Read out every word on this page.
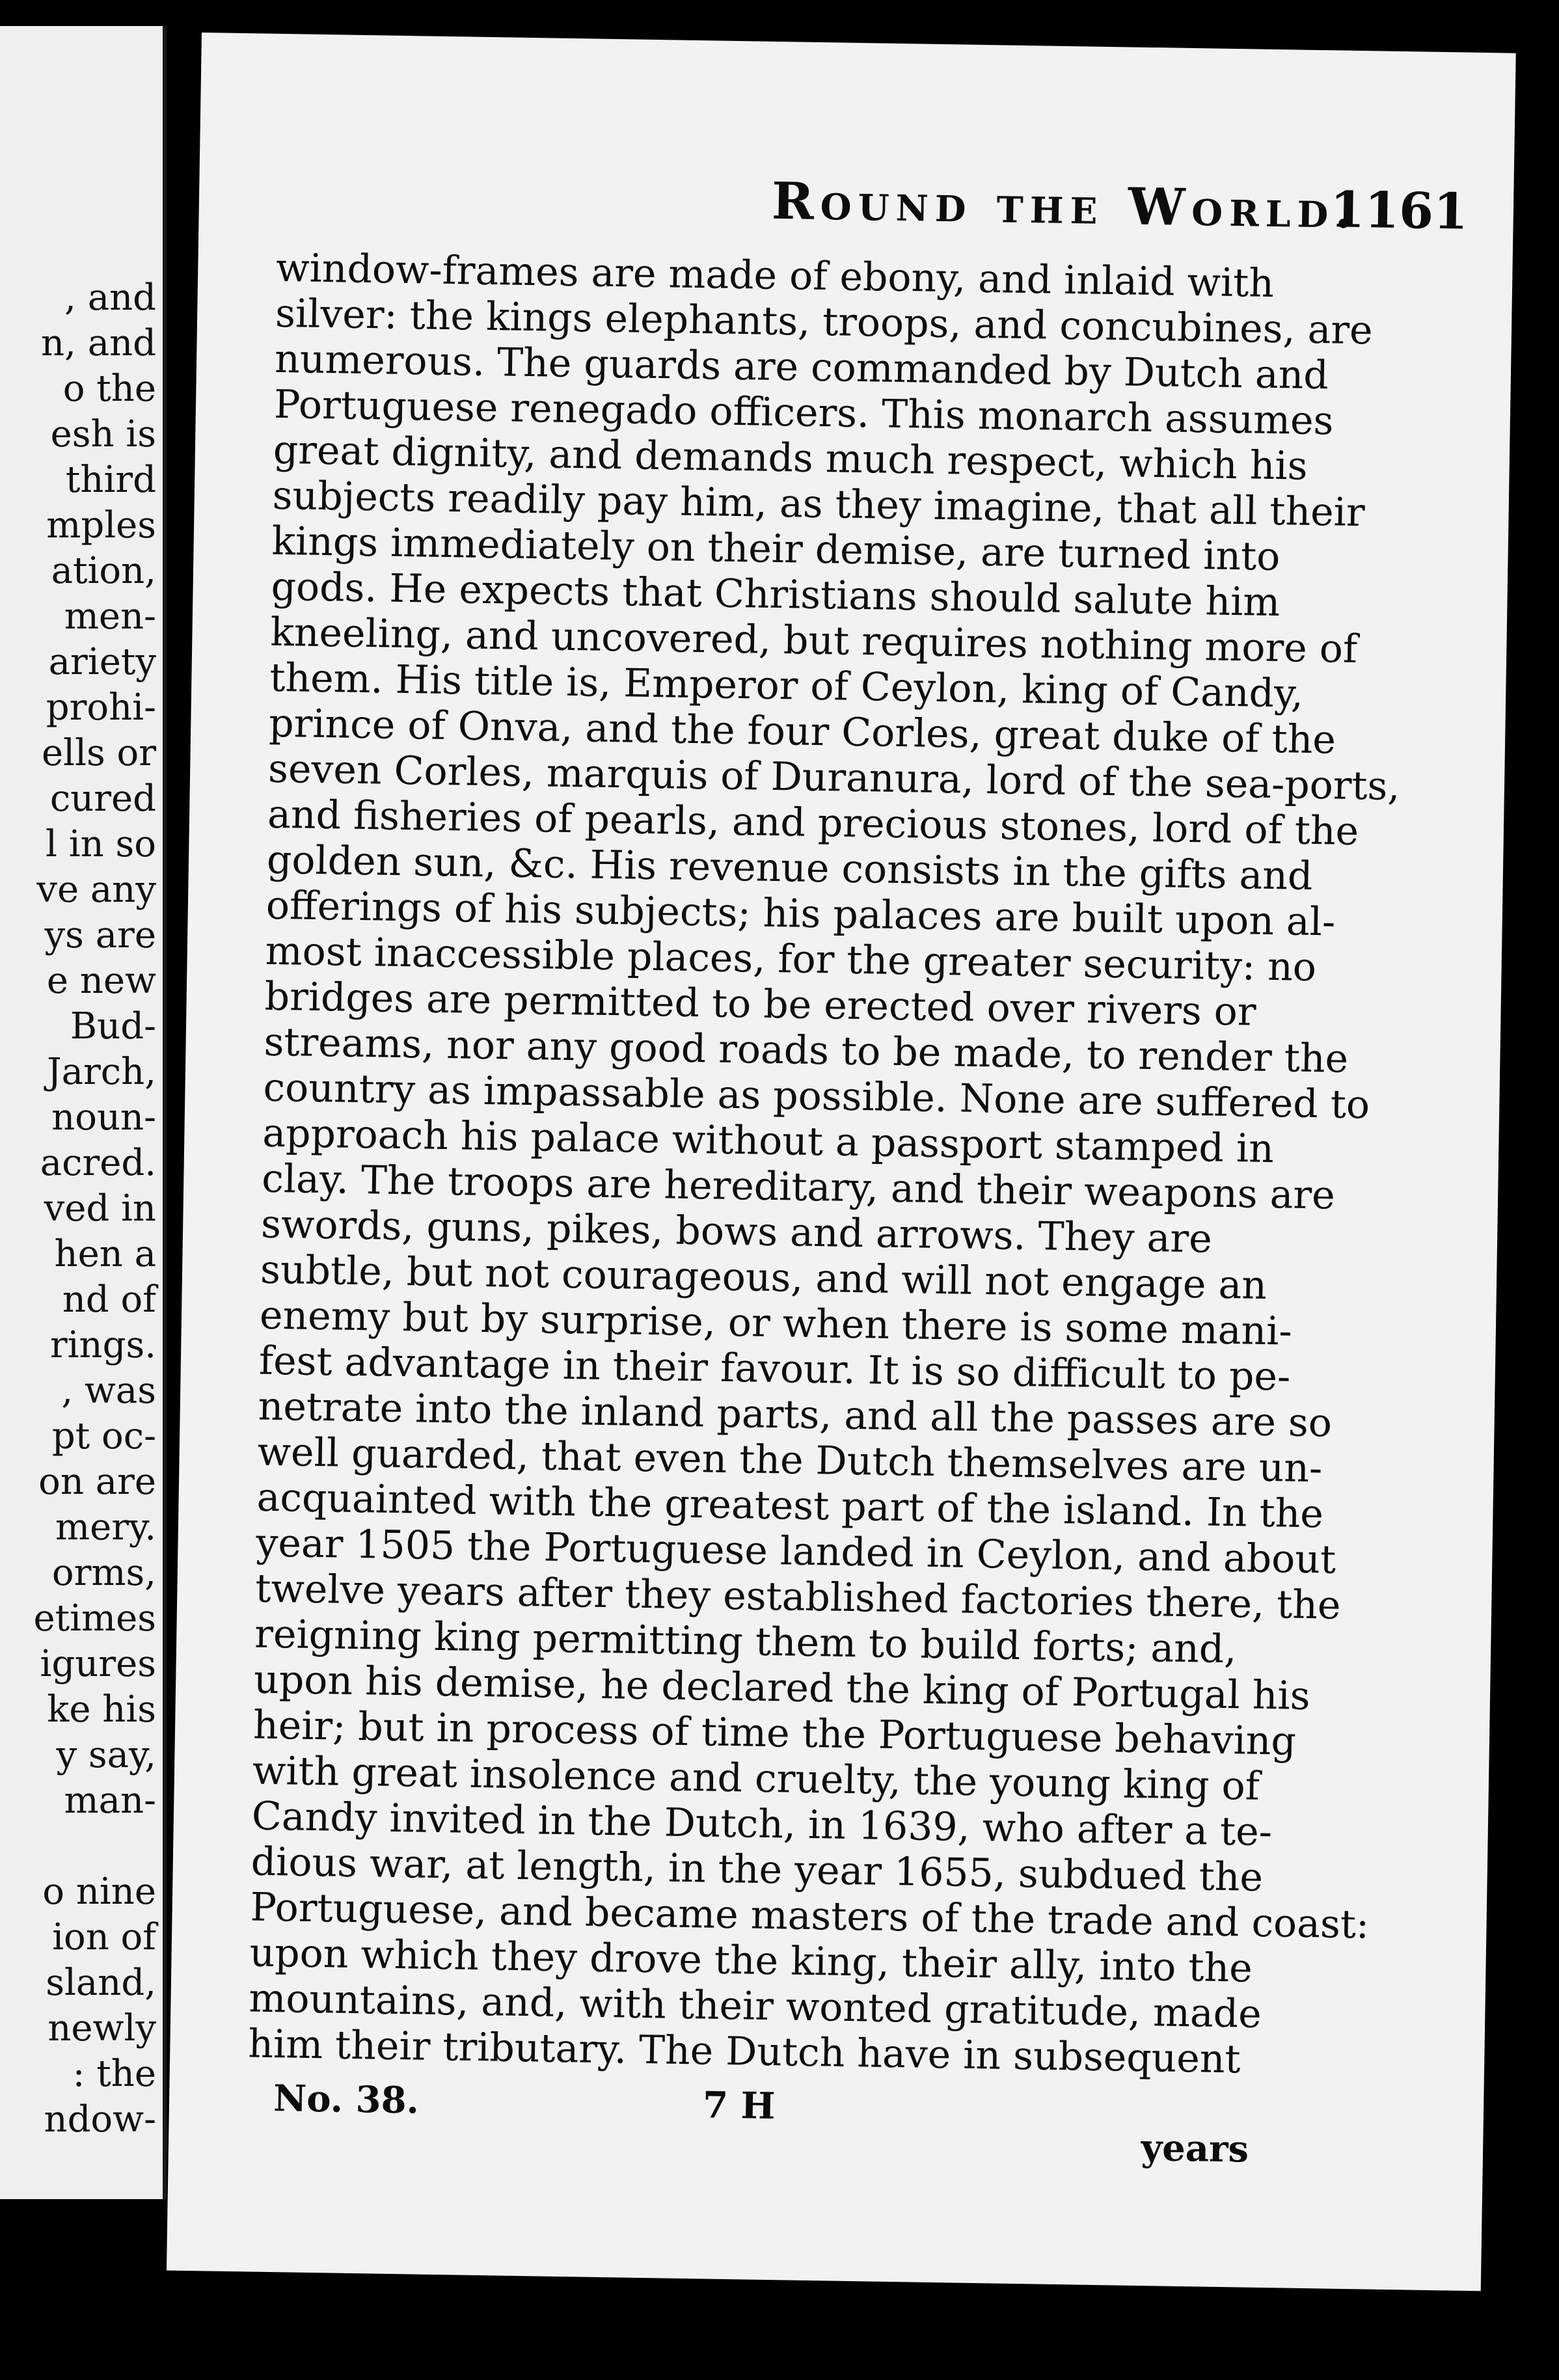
, and
n, and
o the
esh is
third
mples
ation,
men-
ariety
prohi-
ells or
cured
l in so
ve any
ys are
e new
Bud-
Jarch,
noun-
acred.
ved in
hen a
nd of
rings.
, was
pt oc-
on are
mery.
orms,
etimes
igures
ke his
y say,
man-
o nine
ion of
sland,
newly
: the
ndow-
Round the World.
1161
window-frames are made of ebony, and inlaid with
silver: the kings elephants, troops, and concubines, are
numerous. The guards are commanded by Dutch and
Portuguese renegado officers. This monarch assumes
great dignity, and demands much respect, which his
subjects readily pay him, as they imagine, that all their
kings immediately on their demise, are turned into
gods. He expects that Christians should salute him
kneeling, and uncovered, but requires nothing more of
them. His title is, Emperor of Ceylon, king of Candy,
prince of Onva, and the four Corles, great duke of the
seven Corles, marquis of Duranura, lord of the sea-ports,
and fisheries of pearls, and precious stones, lord of the
golden sun, &c. His revenue consists in the gifts and
offerings of his subjects; his palaces are built upon al-
most inaccessible places, for the greater security: no
bridges are permitted to be erected over rivers or
streams, nor any good roads to be made, to render the
country as impassable as possible. None are suffered to
approach his palace without a passport stamped in
clay. The troops are hereditary, and their weapons are
swords, guns, pikes, bows and arrows. They are
subtle, but not courageous, and will not engage an
enemy but by surprise, or when there is some mani-
fest advantage in their favour. It is so difficult to pe-
netrate into the inland parts, and all the passes are so
well guarded, that even the Dutch themselves are un-
acquainted with the greatest part of the island. In the
year 1505 the Portuguese landed in Ceylon, and about
twelve years after they established factories there, the
reigning king permitting them to build forts; and,
upon his demise, he declared the king of Portugal his
heir; but in process of time the Portuguese behaving
with great insolence and cruelty, the young king of
Candy invited in the Dutch, in 1639, who after a te-
dious war, at length, in the year 1655, subdued the
Portuguese, and became masters of the trade and coast:
upon which they drove the king, their ally, into the
mountains, and, with their wonted gratitude, made
him their tributary. The Dutch have in subsequent
No. 38.	7 H
years
